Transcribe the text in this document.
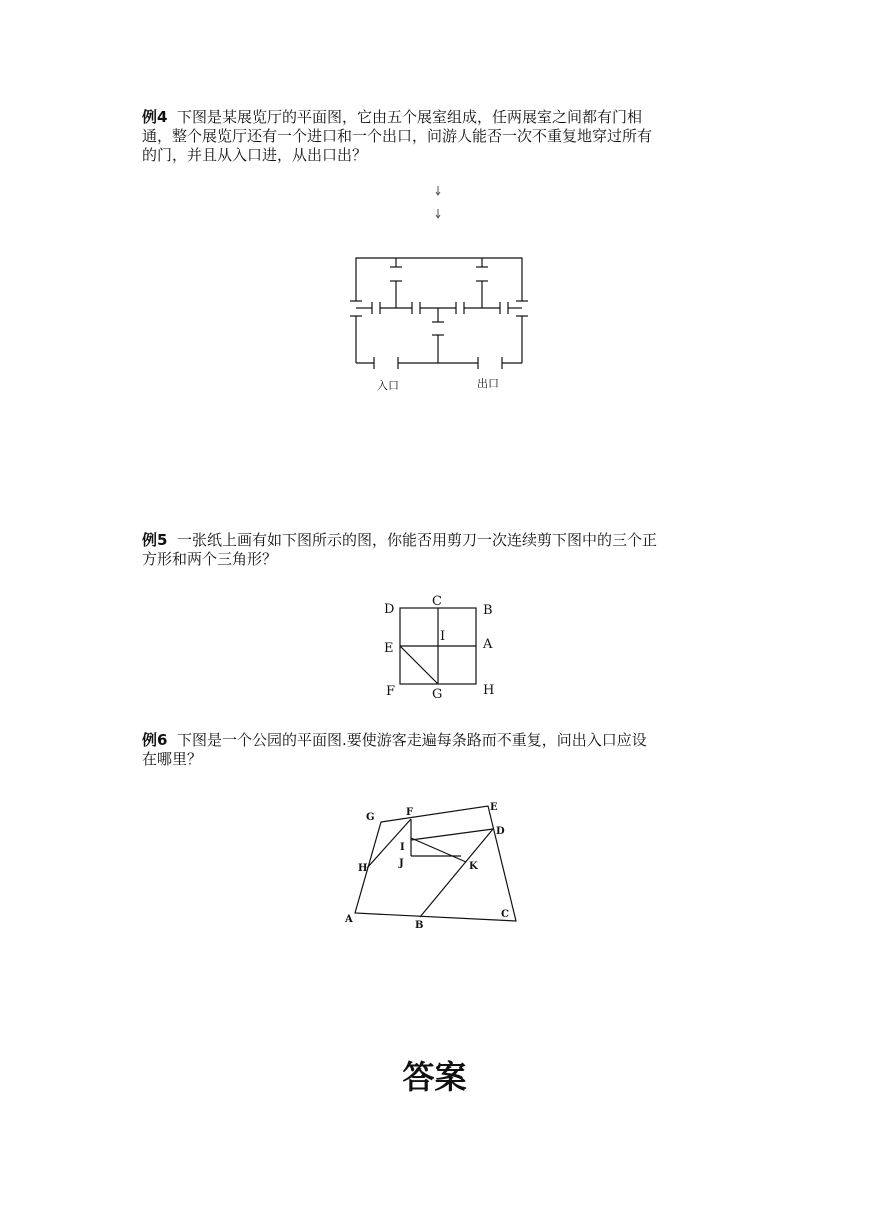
例4 下图是某展览厅的平面图，它由五个展室组成，任两展室之间都有门相
通，整个展览厅还有一个进口和一个出口，问游人能否一次不重复地穿过所有
的门，并且从入口进，从出口出？
例5 一张纸上画有如下图所示的图，你能否用剪刀一次连续剪下图中的三个正
方形和两个三角形？
例6 下图是一个公园的平面图.要使游客走遍每条路而不重复，问出入口应设
在哪里？
入口	出口
D
C
B
I
A
E
F	G	H
G	F	E
D
I
J
H	K
A
B
C
答案
